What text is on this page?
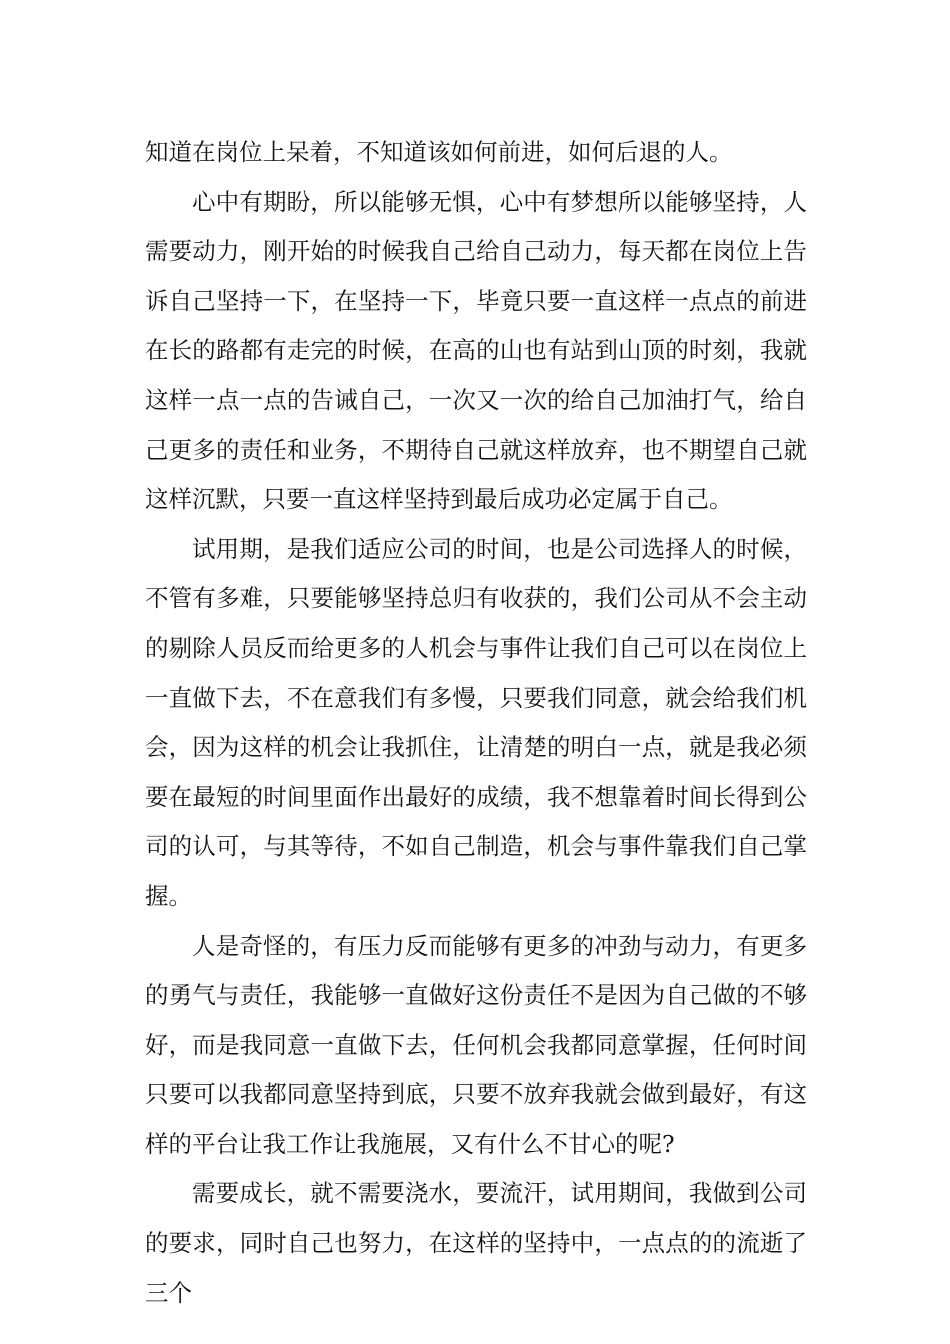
知道在岗位上呆着，不知道该如何前进，如何后退的人。

心中有期盼，所以能够无惧，心中有梦想所以能够坚持，人需要动力，刚开始的时候我自己给自己动力，每天都在岗位上告诉自己坚持一下，在坚持一下，毕竟只要一直这样一点点的前进在长的路都有走完的时候，在高的山也有站到山顶的时刻，我就这样一点一点的告诫自己，一次又一次的给自己加油打气，给自己更多的责任和业务，不期待自己就这样放弃，也不期望自己就这样沉默，只要一直这样坚持到最后成功必定属于自己。

试用期，是我们适应公司的时间，也是公司选择人的时候，不管有多难，只要能够坚持总归有收获的，我们公司从不会主动的剔除人员反而给更多的人机会与事件让我们自己可以在岗位上一直做下去，不在意我们有多慢，只要我们同意，就会给我们机会，因为这样的机会让我抓住，让清楚的明白一点，就是我必须要在最短的时间里面作出最好的成绩，我不想靠着时间长得到公司的认可，与其等待，不如自己制造，机会与事件靠我们自己掌握。

人是奇怪的，有压力反而能够有更多的冲劲与动力，有更多的勇气与责任，我能够一直做好这份责任不是因为自己做的不够好，而是我同意一直做下去，任何机会我都同意掌握，任何时间只要可以我都同意坚持到底，只要不放弃我就会做到最好，有这样的平台让我工作让我施展，又有什么不甘心的呢?

需要成长，就不需要浇水，要流汗，试用期间，我做到公司的要求，同时自己也努力，在这样的坚持中，一点点的的流逝了三个
